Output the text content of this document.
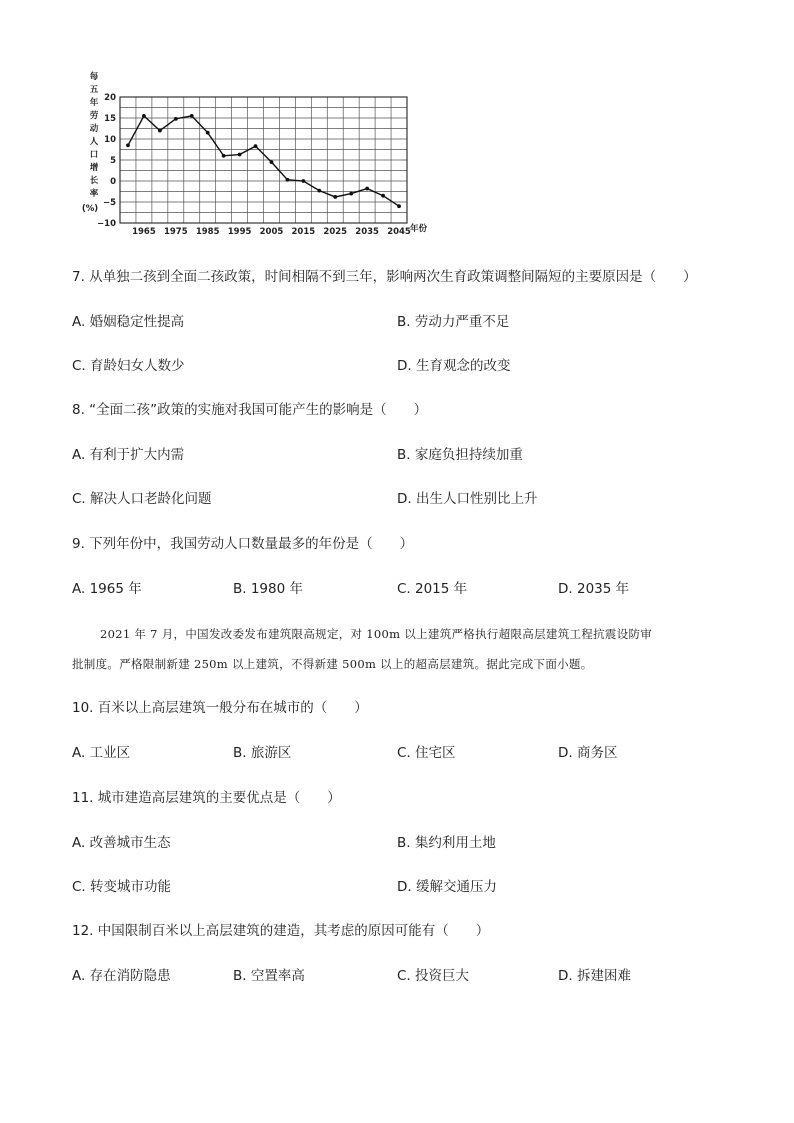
20
15
10
5
0
−5
−10
1965 1975 1985 1995 2005 2015 2025 2035 2045 年份
每
五
年
劳
动
人
口
增
长
率
(%)
7. 从单独二孩到全面二孩政策，时间相隔不到三年，影响两次生育政策调整间隔短的主要原因是（　　）
A. 婚姻稳定性提高	B. 劳动力严重不足
C. 育龄妇女人数少	D. 生育观念的改变
8. “全面二孩”政策的实施对我国可能产生的影响是（　　）
A. 有利于扩大内需	B. 家庭负担持续加重
C. 解决人口老龄化问题	D. 出生人口性别比上升
9. 下列年份中，我国劳动人口数量最多的年份是（　　）
A. 1965 年	B. 1980 年	C. 2015 年	D. 2035 年
2021 年 7 月，中国发改委发布建筑限高规定，对 100m 以上建筑严格执行超限高层建筑工程抗震设防审
批制度。严格限制新建 250m 以上建筑，不得新建 500m 以上的超高层建筑。据此完成下面小题。
10. 百米以上高层建筑一般分布在城市的（　　）
A. 工业区	B. 旅游区	C. 住宅区	D. 商务区
11. 城市建造高层建筑的主要优点是（　　）
A. 改善城市生态	B. 集约利用土地
C. 转变城市功能	D. 缓解交通压力
12. 中国限制百米以上高层建筑的建造，其考虑的原因可能有（　　）
A. 存在消防隐患	B. 空置率高	C. 投资巨大	D. 拆建困难
